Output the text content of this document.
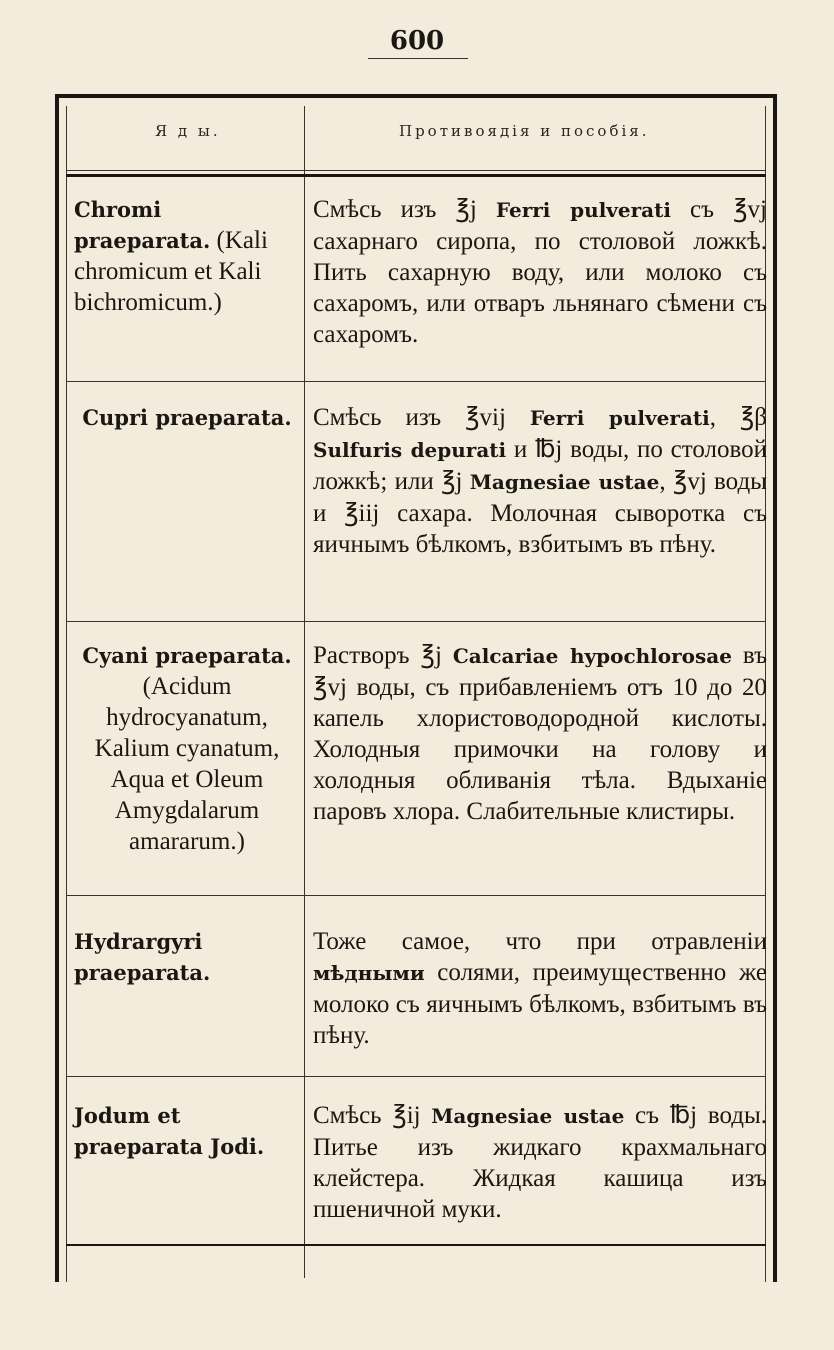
600
Я д ы.	Противоядія и пособія.
Chromi praeparata. (Kali chromicum et Kali bichromicum.)
Смѣсь изъ ℥j Ferri pulverati съ ℥vj сахарнаго сиропа, по столовой ложкѣ. Пить сахарную воду, или молоко съ сахаромъ, или отваръ льнянаго сѣмени съ сахаромъ.
Cupri praeparata. Смѣсь изъ ℥vij Ferri pulverati, ℥β Sulfuris depurati и ℔j воды, по столовой ложкѣ; или ℥j Magnesiae ustae, ℥vj воды и ℥iij сахара. Молочная сыворотка съ яичнымъ бѣлкомъ, взбитымъ въ пѣну.
Cyani praeparata. (Acidum hydrocyanatum, Kalium cyanatum, Aqua et Oleum Amygdalarum amararum.)
Растворъ ℥j Calcariae hypochlorosae въ ℥vj воды, съ прибавленіемъ отъ 10 до 20 капель хлористоводородной кислоты. Холодныя примочки на голову и холодныя обливанія тѣла. Вдыханіе паровъ хлора. Слабительные клистиры.
Hydrargyri praeparata.
Тоже самое, что при отравленіи мѣдными солями, преимущественно же молоко съ яичнымъ бѣлкомъ, взбитымъ въ пѣну.
Jodum et praeparata Jodi.
Смѣсь ℥ij Magnesiae ustae съ ℔j воды. Питье изъ жидкаго крахмальнаго клейстера. Жидкая кашица изъ пшеничной муки.
